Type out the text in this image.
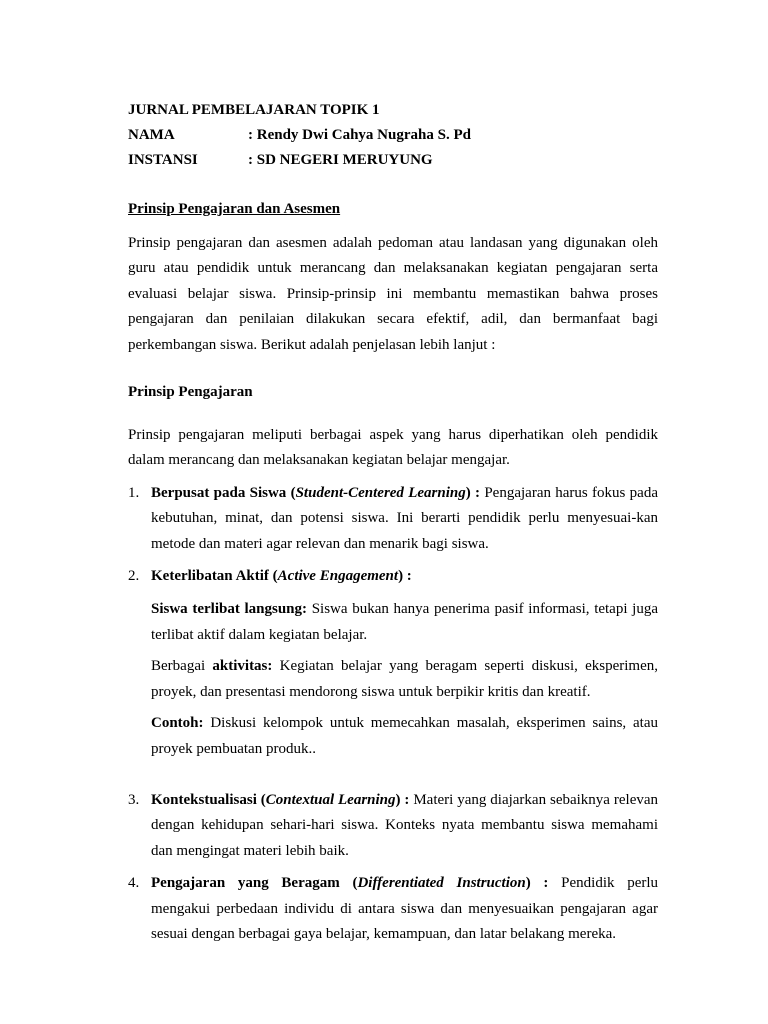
JURNAL PEMBELAJARAN TOPIK 1
NAMA	: Rendy Dwi Cahya Nugraha S. Pd
INSTANSI	: SD NEGERI MERUYUNG
Prinsip Pengajaran dan Asesmen

Prinsip pengajaran dan asesmen adalah pedoman atau landasan yang digunakan oleh guru atau pendidik untuk merancang dan melaksanakan kegiatan pengajaran serta evaluasi belajar siswa. Prinsip-prinsip ini membantu memastikan bahwa proses pengajaran dan penilaian dilakukan secara efektif, adil, dan bermanfaat bagi perkembangan siswa. Berikut adalah penjelasan lebih lanjut :

Prinsip Pengajaran

Prinsip pengajaran meliputi berbagai aspek yang harus diperhatikan oleh pendidik dalam merancang dan melaksanakan kegiatan belajar mengajar.

1. Berpusat pada Siswa (Student-Centered Learning) : Pengajaran harus fokus pada kebutuhan, minat, dan potensi siswa. Ini berarti pendidik perlu menyesuai-kan metode dan materi agar relevan dan menarik bagi siswa.

2. Keterlibatan Aktif (Active Engagement) :

Siswa terlibat langsung: Siswa bukan hanya penerima pasif informasi, tetapi juga terlibat aktif dalam kegiatan belajar.

Berbagai aktivitas: Kegiatan belajar yang beragam seperti diskusi, eksperimen, proyek, dan presentasi mendorong siswa untuk berpikir kritis dan kreatif.

Contoh: Diskusi kelompok untuk memecahkan masalah, eksperimen sains, atau proyek pembuatan produk..

3. Kontekstualisasi (Contextual Learning) : Materi yang diajarkan sebaiknya relevan dengan kehidupan sehari-hari siswa. Konteks nyata membantu siswa memahami dan mengingat materi lebih baik.

4. Pengajaran yang Beragam (Differentiated Instruction) : Pendidik perlu mengakui perbedaan individu di antara siswa dan menyesuaikan pengajaran agar sesuai dengan berbagai gaya belajar, kemampuan, dan latar belakang mereka.
